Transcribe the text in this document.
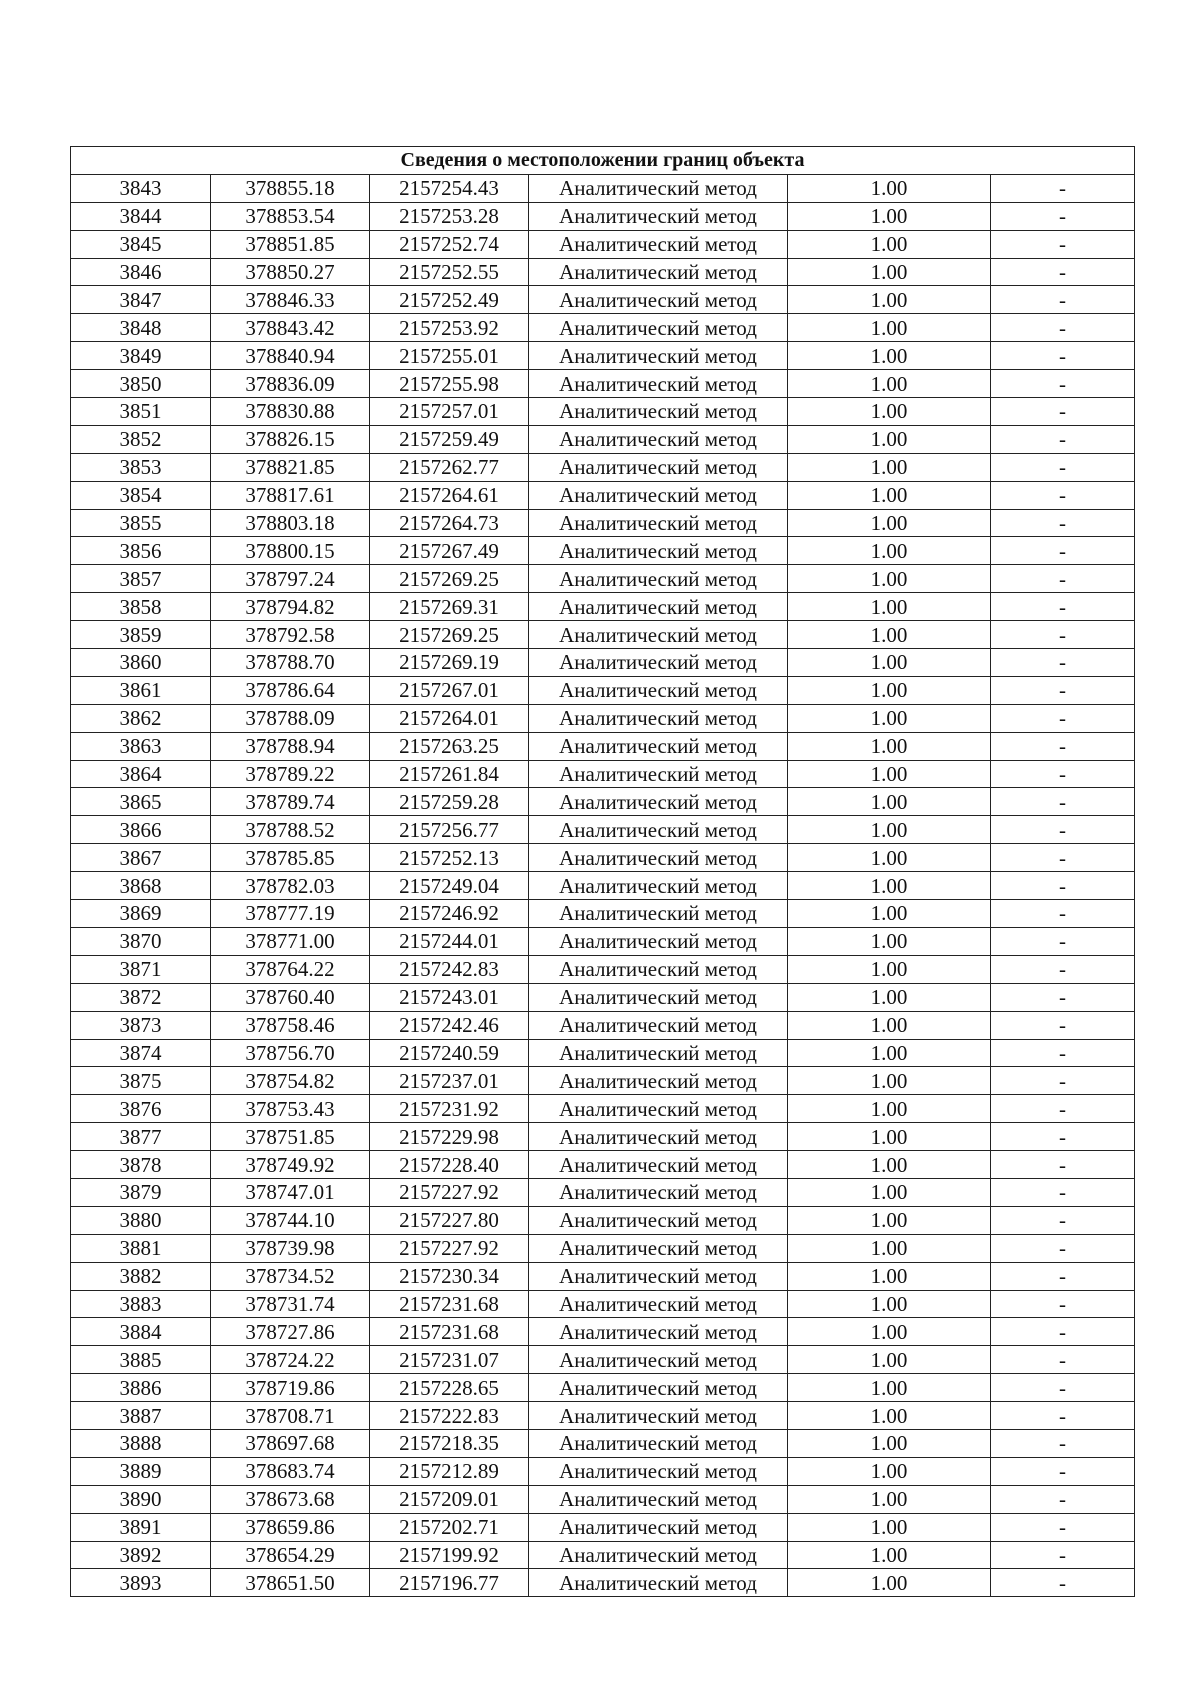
Сведения о местоположении границ объекта					
3843	378855.18	2157254.43	Аналитический метод	1.00	-
3844	378853.54	2157253.28	Аналитический метод	1.00	-
3845	378851.85	2157252.74	Аналитический метод	1.00	-
3846	378850.27	2157252.55	Аналитический метод	1.00	-
3847	378846.33	2157252.49	Аналитический метод	1.00	-
3848	378843.42	2157253.92	Аналитический метод	1.00	-
3849	378840.94	2157255.01	Аналитический метод	1.00	-
3850	378836.09	2157255.98	Аналитический метод	1.00	-
3851	378830.88	2157257.01	Аналитический метод	1.00	-
3852	378826.15	2157259.49	Аналитический метод	1.00	-
3853	378821.85	2157262.77	Аналитический метод	1.00	-
3854	378817.61	2157264.61	Аналитический метод	1.00	-
3855	378803.18	2157264.73	Аналитический метод	1.00	-
3856	378800.15	2157267.49	Аналитический метод	1.00	-
3857	378797.24	2157269.25	Аналитический метод	1.00	-
3858	378794.82	2157269.31	Аналитический метод	1.00	-
3859	378792.58	2157269.25	Аналитический метод	1.00	-
3860	378788.70	2157269.19	Аналитический метод	1.00	-
3861	378786.64	2157267.01	Аналитический метод	1.00	-
3862	378788.09	2157264.01	Аналитический метод	1.00	-
3863	378788.94	2157263.25	Аналитический метод	1.00	-
3864	378789.22	2157261.84	Аналитический метод	1.00	-
3865	378789.74	2157259.28	Аналитический метод	1.00	-
3866	378788.52	2157256.77	Аналитический метод	1.00	-
3867	378785.85	2157252.13	Аналитический метод	1.00	-
3868	378782.03	2157249.04	Аналитический метод	1.00	-
3869	378777.19	2157246.92	Аналитический метод	1.00	-
3870	378771.00	2157244.01	Аналитический метод	1.00	-
3871	378764.22	2157242.83	Аналитический метод	1.00	-
3872	378760.40	2157243.01	Аналитический метод	1.00	-
3873	378758.46	2157242.46	Аналитический метод	1.00	-
3874	378756.70	2157240.59	Аналитический метод	1.00	-
3875	378754.82	2157237.01	Аналитический метод	1.00	-
3876	378753.43	2157231.92	Аналитический метод	1.00	-
3877	378751.85	2157229.98	Аналитический метод	1.00	-
3878	378749.92	2157228.40	Аналитический метод	1.00	-
3879	378747.01	2157227.92	Аналитический метод	1.00	-
3880	378744.10	2157227.80	Аналитический метод	1.00	-
3881	378739.98	2157227.92	Аналитический метод	1.00	-
3882	378734.52	2157230.34	Аналитический метод	1.00	-
3883	378731.74	2157231.68	Аналитический метод	1.00	-
3884	378727.86	2157231.68	Аналитический метод	1.00	-
3885	378724.22	2157231.07	Аналитический метод	1.00	-
3886	378719.86	2157228.65	Аналитический метод	1.00	-
3887	378708.71	2157222.83	Аналитический метод	1.00	-
3888	378697.68	2157218.35	Аналитический метод	1.00	-
3889	378683.74	2157212.89	Аналитический метод	1.00	-
3890	378673.68	2157209.01	Аналитический метод	1.00	-
3891	378659.86	2157202.71	Аналитический метод	1.00	-
3892	378654.29	2157199.92	Аналитический метод	1.00	-
3893	378651.50	2157196.77	Аналитический метод	1.00	-
